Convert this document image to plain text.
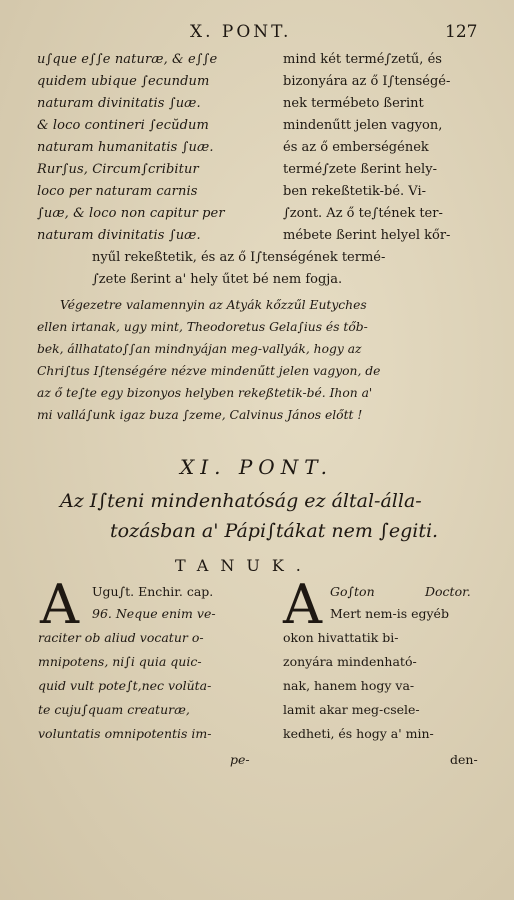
X. PONT.	127
u∫que e∫∫e naturæ, & e∫∫e
quidem ubique ∫ecundum
naturam divinitatis ∫uæ.
& loco contineri ∫ecŭdum
naturam humanitatis ∫uæ.
Rur∫us, Circum∫cribitur
loco per naturam carnis
∫uæ, & loco non capitur per
naturam divinitatis ∫uæ.
mind két termé∫zetű, és
bizonyára az ő I∫tenségé-
nek termébeto ßerint
mindenűtt jelen vagyon,
és az ő emberségének
termé∫zete ßerint hely-
ben rekeßtetik-bé. Vi-
∫zont. Az ő te∫tének ter-
mébete ßerint helyel kőr-
nyűl rekeßtetik, és az ő I∫tenségének termé-
∫zete ßerint a' hely űtet bé nem fogja.
Végezetre valamennyin az Atyák kőzzűl Eutyches
ellen irtanak, ugy mint, Theodoretus Gela∫ius és tőb-
bek, állhatato∫∫an mindnyájan meg-vallyák, hogy az
Chri∫tus I∫tenségére nézve mindenűtt jelen vagyon, de
az ő te∫te egy bizonyos helyben rekeßtetik-bé. Ihon a'
mi vallá∫unk igaz buza ∫zeme, Calvinus János előtt !
XI. PONT.
Az I∫teni mindenhatóság ez által-álla-
tozásban a' Pápi∫tákat nem ∫egiti.
TANUK.
A Ugu∫t. Enchir. cap.
96. Neque enim ve-
raciter ob aliud vocatur o-
mnipotens, ni∫i quia quic-
quid vult pote∫t,nec volŭta-
te cuju∫quam creaturæ,
voluntatis omnipotentis im-
pe-
A Go∫ton	Doctor.
Mert nem-is egyéb
okon hivattatik bi-
zonyára mindenható-
nak, hanem hogy va-
lamit akar meg-csele-
kedheti, és hogy a' min-
den-
